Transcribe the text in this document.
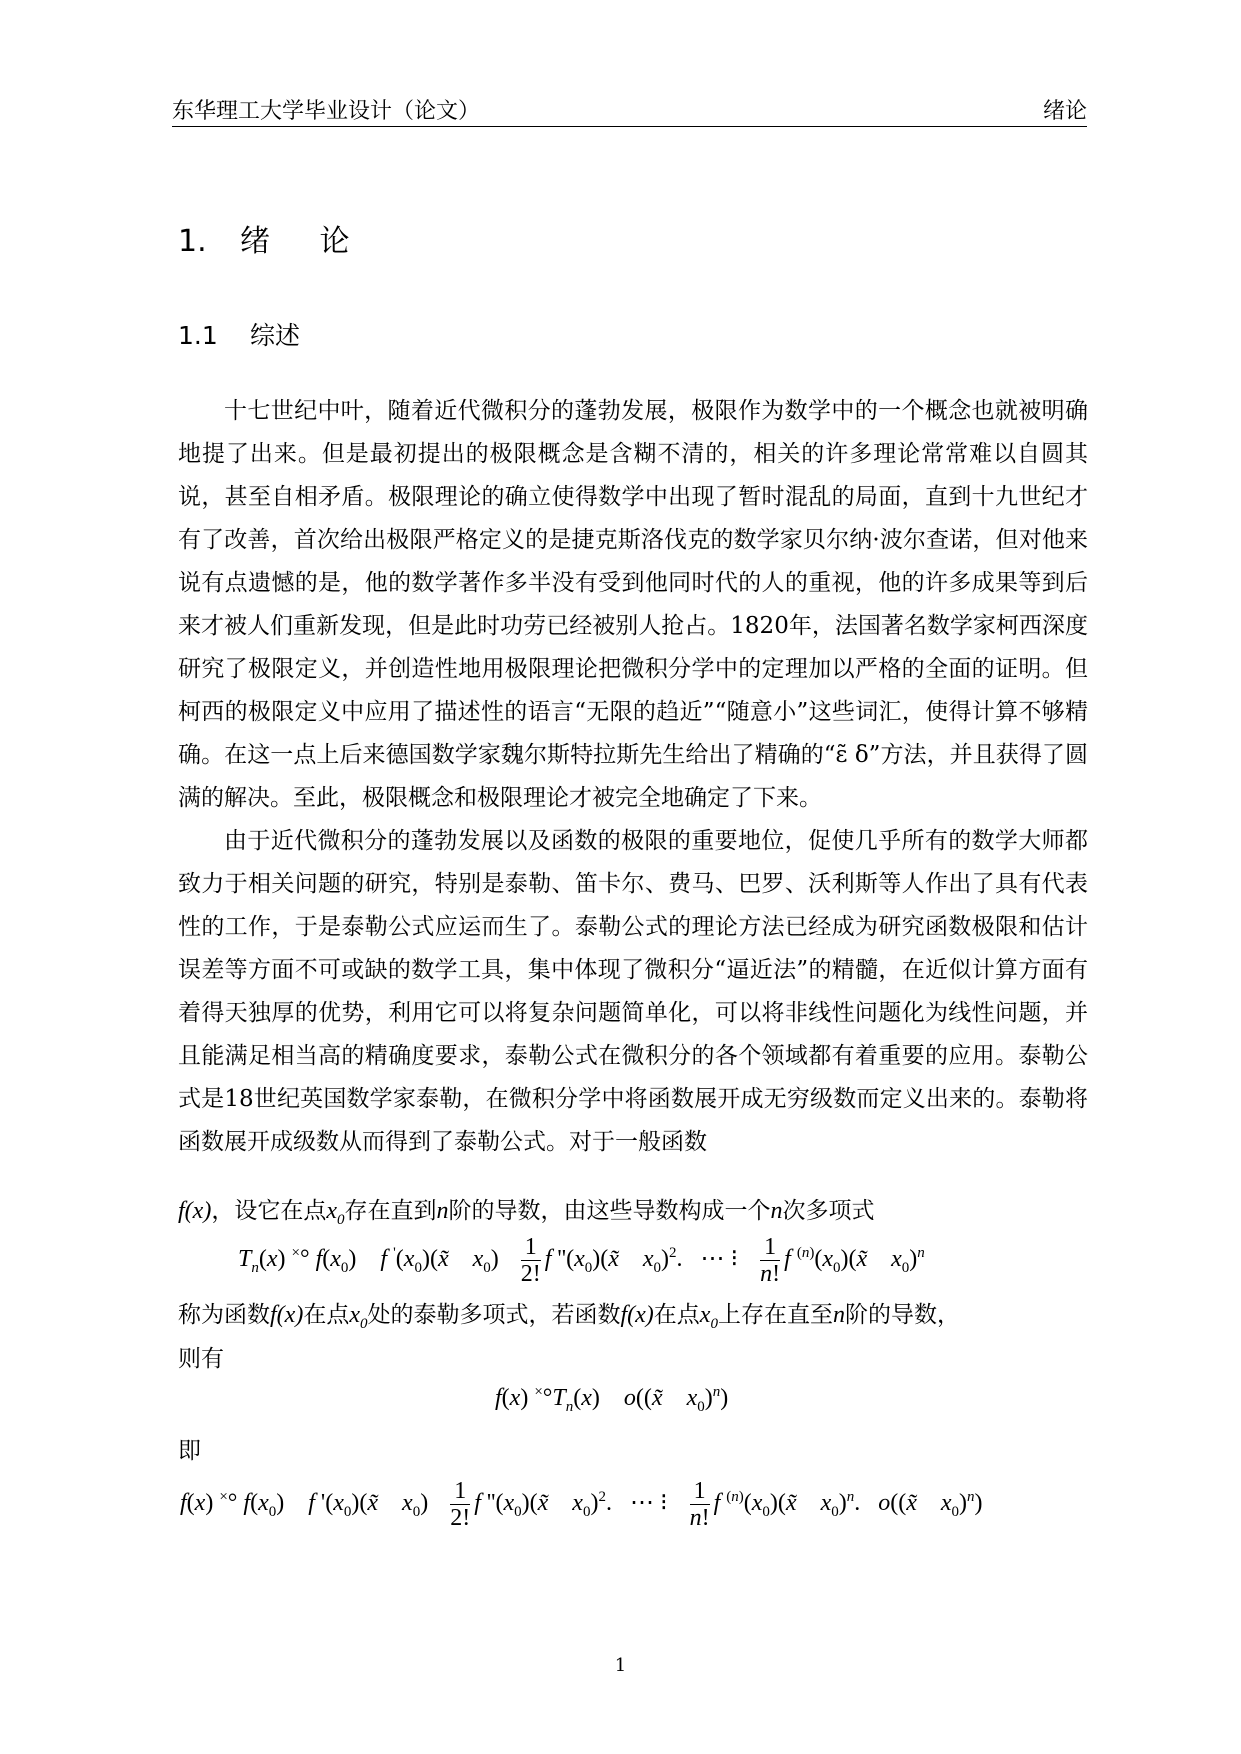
东华理工大学毕业设计（论文）	绪论
1. 绪 论
1.1 综述

十七世纪中叶，随着近代微积分的蓬勃发展，极限作为数学中的一个概念也就被明确地提了出来。但是最初提出的极限概念是含糊不清的，相关的许多理论常常难以自圆其说，甚至自相矛盾。极限理论的确立使得数学中出现了暂时混乱的局面，直到十九世纪才有了改善，首次给出极限严格定义的是捷克斯洛伐克的数学家贝尔纳·波尔查诺，但对他来说有点遗憾的是，他的数学著作多半没有受到他同时代的人的重视，他的许多成果等到后来才被人们重新发现，但是此时功劳已经被别人抢占。1820年，法国著名数学家柯西深度研究了极限定义，并创造性地用极限理论把微积分学中的定理加以严格的全面的证明。但柯西的极限定义中应用了描述性的语言“无限的趋近”“随意小”这些词汇，使得计算不够精确。在这一点上后来德国数学家魏尔斯特拉斯先生给出了精确的“ε̃ δ”方法，并且获得了圆满的解决。至此，极限概念和极限理论才被完全地确定了下来。

由于近代微积分的蓬勃发展以及函数的极限的重要地位，促使几乎所有的数学大师都致力于相关问题的研究，特别是泰勒、笛卡尔、费马、巴罗、沃利斯等人作出了具有代表性的工作，于是泰勒公式应运而生了。泰勒公式的理论方法已经成为研究函数极限和估计误差等方面不可或缺的数学工具，集中体现了微积分“逼近法”的精髓，在近似计算方面有着得天独厚的优势，利用它可以将复杂问题简单化，可以将非线性问题化为线性问题，并且能满足相当高的精确度要求，泰勒公式在微积分的各个领域都有着重要的应用。泰勒公式是18世纪英国数学家泰勒，在微积分学中将函数展开成无穷级数而定义出来的。泰勒将函数展开成级数从而得到了泰勒公式。对于一般函数

f(x)，设它在点$x_0$存在直到n阶的导数，由这些导数构成一个n次多项式
$T_n(x)$ ×° $f(x_0)$    f $'(x_0)(x̃$ $x_0) \frac{1}{2!}$ f ''$(x_0)(x̃$ $x_0)^2$.   ⋯ ⁝ $\frac{1}{n!}$ f $^{(n)}(x_0)(x̃$ $x_0)^n$
称为函数f(x)在点$x_0$处的泰勒多项式，若函数f(x)在点$x_0$上存在直至n阶的导数，
则有
f(x) $^\times^\circ T_n(x)$    o((x̃ $x_0)^n$)
即
f(x) ×° $f(x_0)$    f '$(x_0)(x̃$ $x_0) \frac{1}{2!}$ f ''$(x_0)(x̃$ $x_0)^2$.   ⋯ ⁝ $\frac{1}{n!}$ f $^{(n)}(x_0)(x̃$ $x_0)^n$.   o((x̃ $x_0)^n$)
1
